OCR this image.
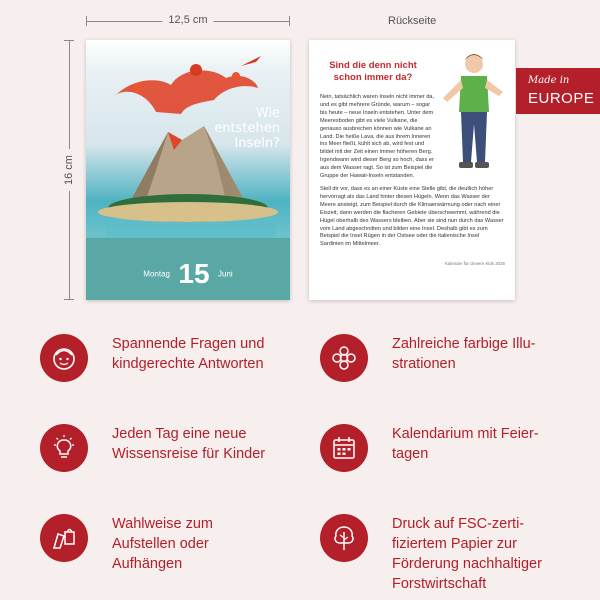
12,5 cm
16 cm
Rückseite
Wie
entstehen
Inseln?
Montag 15 Juni
Sind die denn nicht
schon immer da?
Nein, tatsächlich waren Inseln nicht immer da, und es gibt mehrere Gründe, warum – sogar bis heute – neue Inseln entstehen. Unter dem Meeresboden gibt es viele Vulkane, die genauso ausbrechen können wie Vulkane an Land. Die heiße Lava, die aus ihrem Inneren ins Meer fließt, kühlt sich ab, wird fest und bildet mit der Zeit einen immer höheren Berg. Irgendwann wird dieser Berg so hoch, dass er aus dem Wasser ragt. So ist zum Beispiel die Gruppe der Hawaii-Inseln entstanden.
Stell dir vor, dass es an einer Küste eine Stelle gibt, die deutlich höher hervorragt als das Land hinter diesen Hügeln. Wenn das Wasser der Meere ansteigt, zum Beispiel durch die Klimaerwärmung oder nach einer Eiszeit, dann werden die flacheren Gebiete überschwemmt, während die Hügel oberhalb des Wassers bleiben. Aber sie sind nun durch das Wasser vom Land abgeschnitten und bilden eine Insel. Deshalb gibt es zum Beispiel die Insel Rügen in der Ostsee oder die italienische Insel Sardinien im Mittelmeer.
Kalender für clevere Kids 2026
Made in
EUROPE
Spannende Fragen und
kindgerechte Antworten
Zahlreiche farbige Illu-
strationen
Jeden Tag eine neue
Wissensreise für Kinder
Kalendarium mit Feier-
tagen
Wahlweise zum
Aufstellen oder
Aufhängen
Druck auf FSC-zerti-
fiziertem Papier zur
Förderung nachhaltiger
Forstwirtschaft
